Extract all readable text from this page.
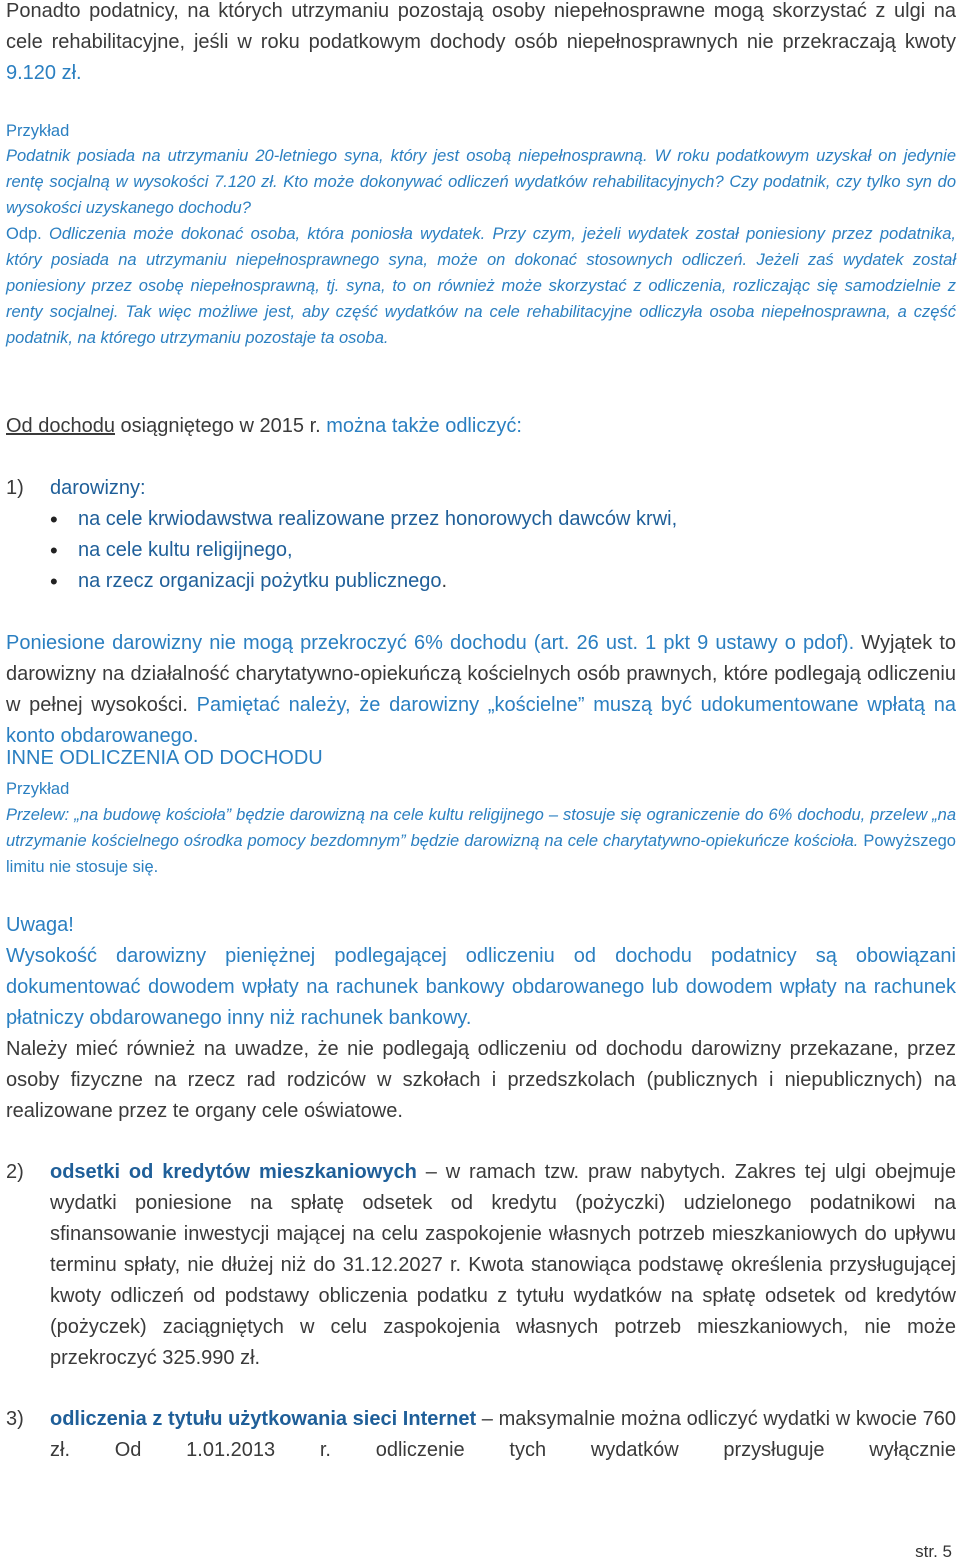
Ponadto podatnicy, na których utrzymaniu pozostają osoby niepełnosprawne mogą skorzystać z ulgi na cele rehabilitacyjne, jeśli w roku podatkowym dochody osób niepełnosprawnych nie przekraczają kwoty 9.120 zł.

Przykład

Podatnik posiada na utrzymaniu 20-letniego syna, który jest osobą niepełnosprawną. W roku podatkowym uzyskał on jedynie rentę socjalną w wysokości 7.120 zł. Kto może dokonywać odliczeń wydatków rehabilitacyjnych? Czy podatnik, czy tylko syn do wysokości uzyskanego dochodu?

Odp. Odliczenia może dokonać osoba, która poniosła wydatek. Przy czym, jeżeli wydatek został poniesiony przez podatnika, który posiada na utrzymaniu niepełnosprawnego syna, może on dokonać stosownych odliczeń. Jeżeli zaś wydatek został poniesiony przez osobę niepełnosprawną, tj. syna, to on również może skorzystać z odliczenia, rozliczając się samodzielnie z renty socjalnej. Tak więc możliwe jest, aby część wydatków na cele rehabilitacyjne odliczyła osoba niepełnosprawna, a część podatnik, na którego utrzymaniu pozostaje ta osoba.

INNE ODLICZENIA OD DOCHODU
Od dochodu osiągniętego w 2015 r. można także odliczyć:
1) darowizny:
• na cele krwiodawstwa realizowane przez honorowych dawców krwi,
• na cele kultu religijnego,
• na rzecz organizacji pożytku publicznego.

Poniesione darowizny nie mogą przekroczyć 6% dochodu (art. 26 ust. 1 pkt 9 ustawy o pdof). Wyjątek to darowizny na działalność charytatywno-opiekuńczą kościelnych osób prawnych, które podlegają odliczeniu w pełnej wysokości. Pamiętać należy, że darowizny „kościelne” muszą być udokumentowane wpłatą na konto obdarowanego.

Przykład

Przelew: „na budowę kościoła” będzie darowizną na cele kultu religijnego – stosuje się ograniczenie do 6% dochodu, przelew „na utrzymanie kościelnego ośrodka pomocy bezdomnym” będzie darowizną na cele charytatywno-opiekuńcze kościoła. Powyższego limitu nie stosuje się.

Uwaga!

Wysokość darowizny pieniężnej podlegającej odliczeniu od dochodu podatnicy są obowiązani dokumentować dowodem wpłaty na rachunek bankowy obdarowanego lub dowodem wpłaty na rachunek płatniczy obdarowanego inny niż rachunek bankowy.

Należy mieć również na uwadze, że nie podlegają odliczeniu od dochodu darowizny przekazane, przez osoby fizyczne na rzecz rad rodziców w szkołach i przedszkolach (publicznych i niepublicznych) na realizowane przez te organy cele oświatowe.

2) odsetki od kredytów mieszkaniowych – w ramach tzw. praw nabytych. Zakres tej ulgi obejmuje wydatki poniesione na spłatę odsetek od kredytu (pożyczki) udzielonego podatnikowi na sfinansowanie inwestycji mającej na celu zaspokojenie własnych potrzeb mieszkaniowych do upływu terminu spłaty, nie dłużej niż do 31.12.2027 r. Kwota stanowiąca podstawę określenia przysługującej kwoty odliczeń od podstawy obliczenia podatku z tytułu wydatków na spłatę odsetek od kredytów (pożyczek) zaciągniętych w celu zaspokojenia własnych potrzeb mieszkaniowych, nie może przekroczyć 325.990 zł.

3) odliczenia z tytułu użytkowania sieci Internet – maksymalnie można odliczyć wydatki w kwocie 760 zł. Od 1.01.2013 r. odliczenie tych wydatków przysługuje wyłącznie

str. 5
